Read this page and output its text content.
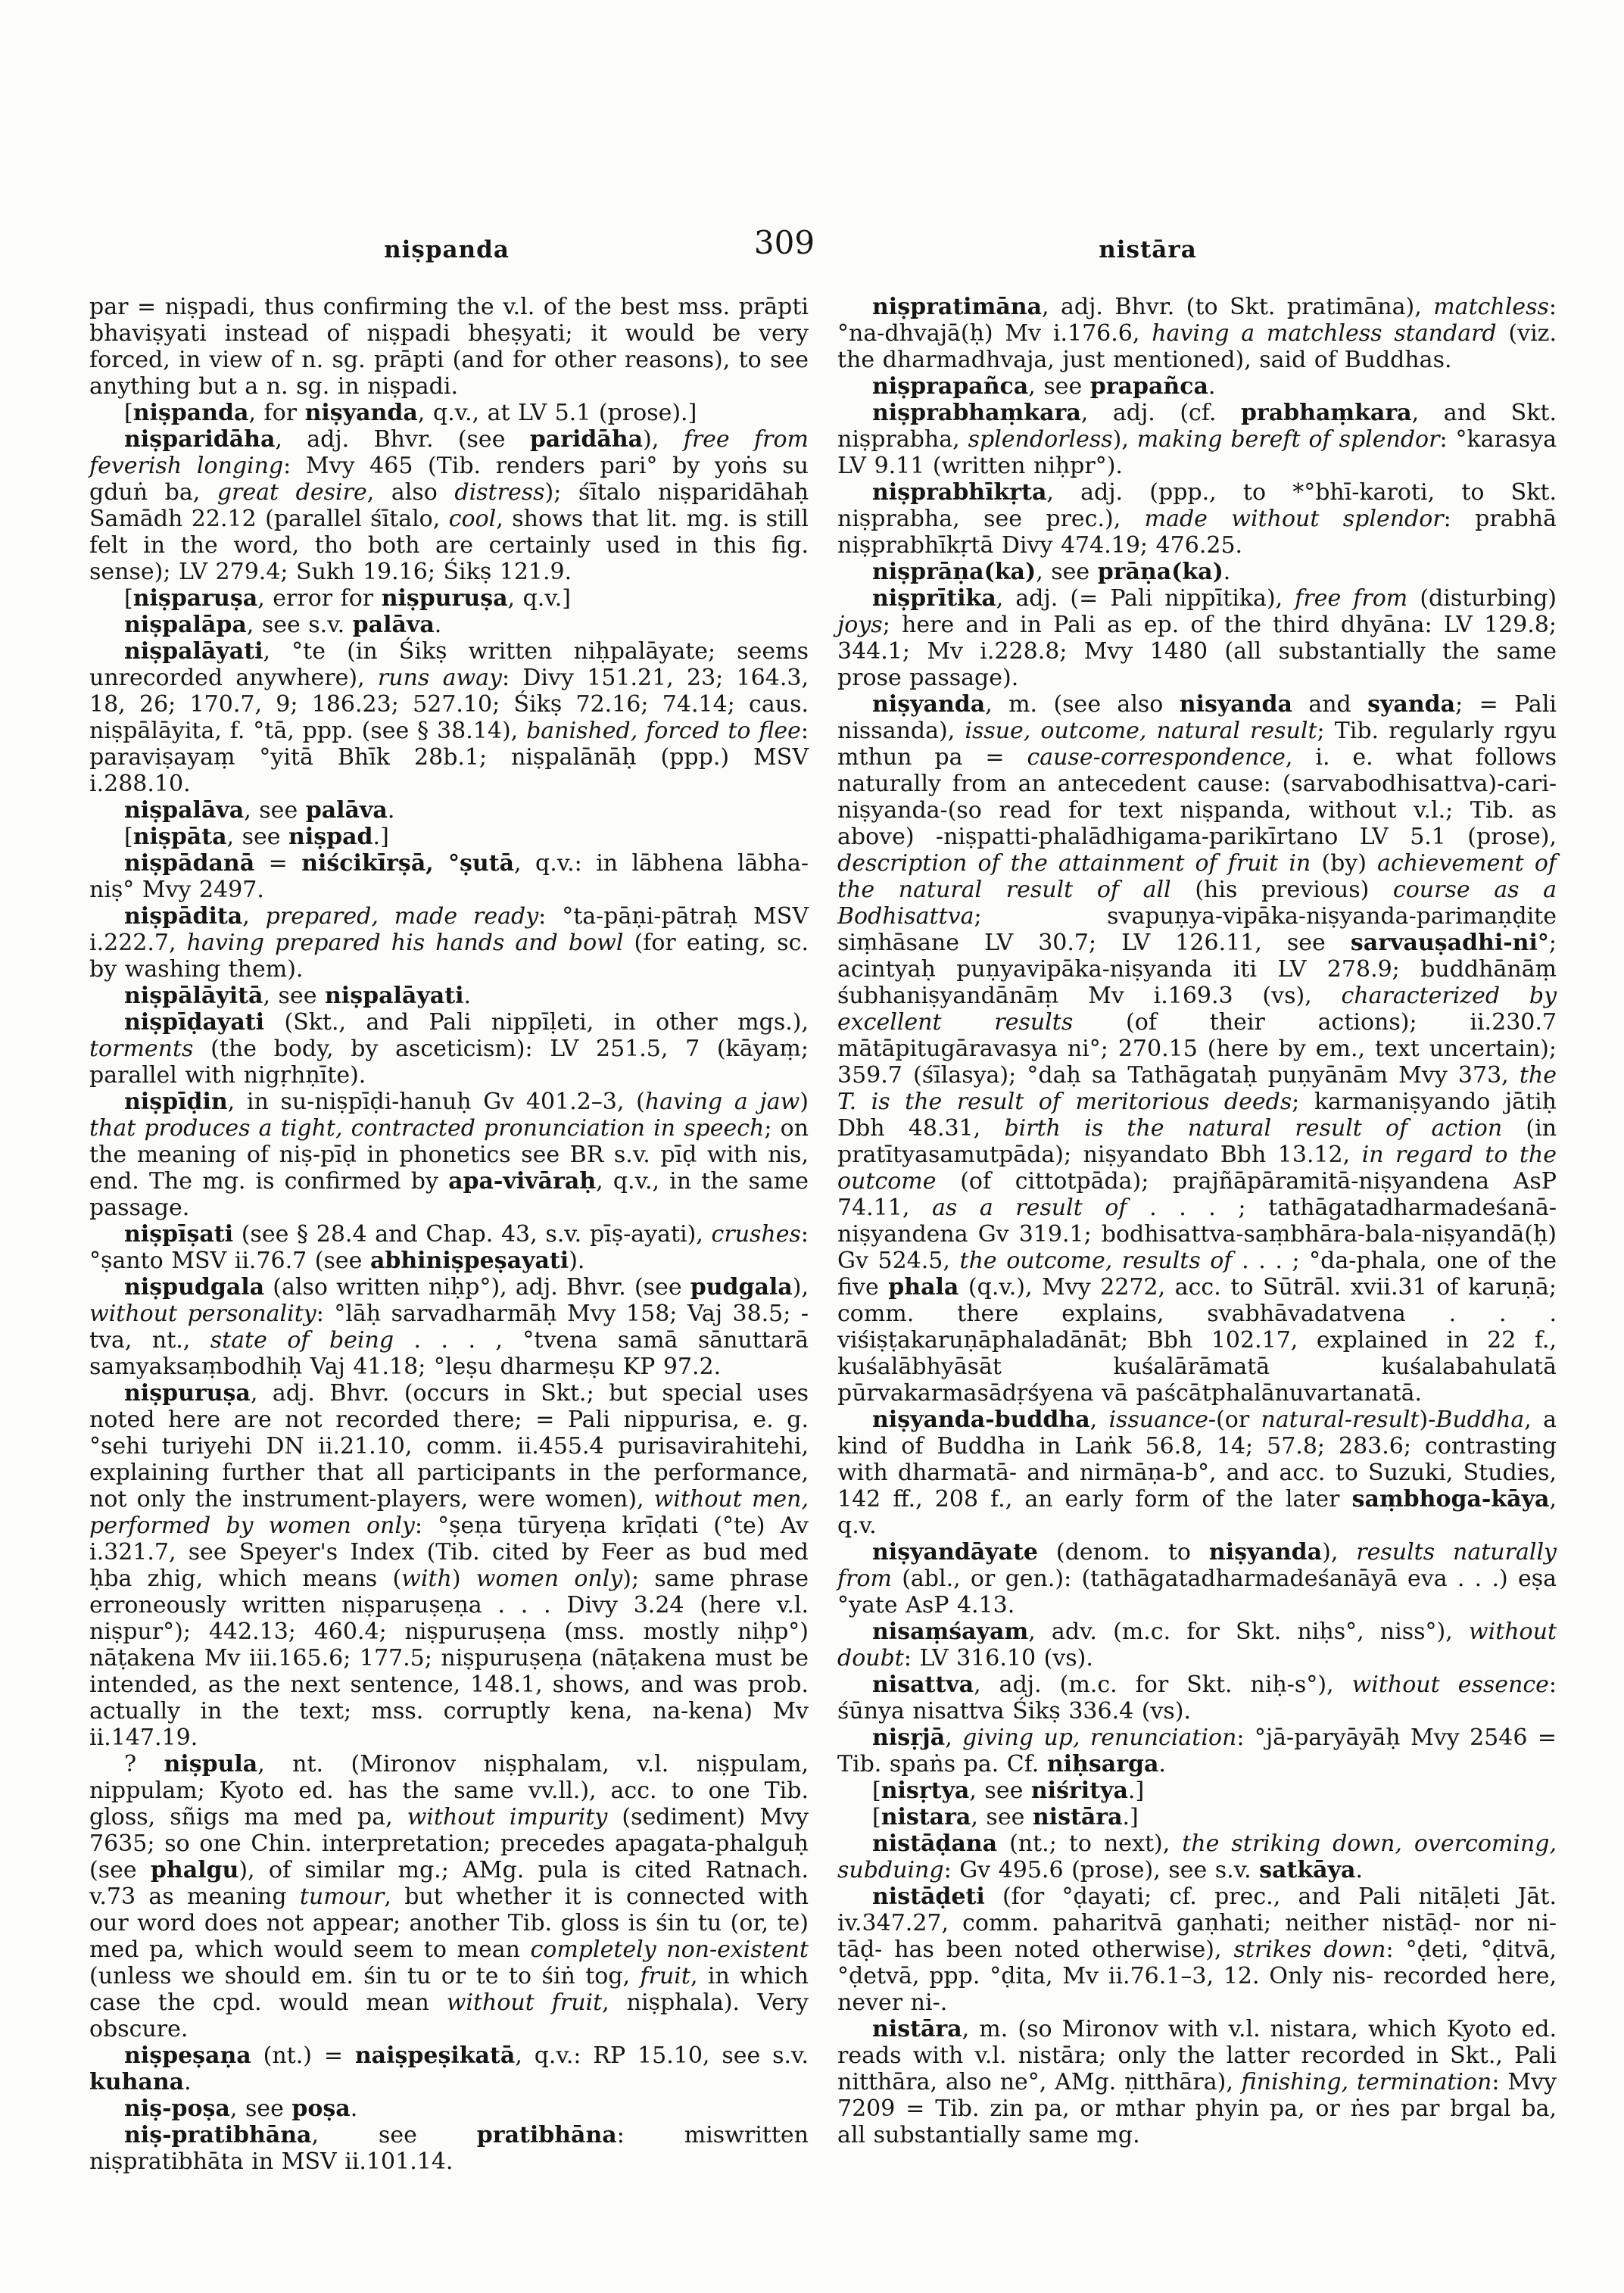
niṣpanda	309	nistāra

par = niṣpadi, thus confirming the v.l. of the best mss. prāpti bhaviṣyati instead of niṣpadi bheṣyati; it would be very forced, in view of n. sg. prāpti (and for other reasons), to see anything but a n. sg. in niṣpadi.

[niṣpanda, for niṣyanda, q.v., at LV 5.1 (prose).]

niṣparidāha, adj. Bhvr. (see paridāha), free from feverish longing: Mvy 465 (Tib. renders pari° by yoṅs su gduṅ ba, great desire, also distress); śītalo niṣparidāhaḥ Samādh 22.12 (parallel śītalo, cool, shows that lit. mg. is still felt in the word, tho both are certainly used in this fig. sense); LV 279.4; Sukh 19.16; Śikṣ 121.9.

[niṣparuṣa, error for niṣpuruṣa, q.v.]

niṣpalāpa, see s.v. palāva.

niṣpalāyati, °te (in Śikṣ written niḥpalāyate; seems unrecorded anywhere), runs away: Divy 151.21, 23; 164.3, 18, 26; 170.7, 9; 186.23; 527.10; Śikṣ 72.16; 74.14; caus. niṣpālāyita, f. °tā, ppp. (see § 38.14), banished, forced to flee: paraviṣayaṃ °yitā Bhīk 28b.1; niṣpalānāḥ (ppp.) MSV i.288.10.

niṣpalāva, see palāva.

[niṣpāta, see niṣpad.]

niṣpādanā = niścikīrṣā, °ṣutā, q.v.: in lābhena lābha-niṣ° Mvy 2497.

niṣpādita, prepared, made ready: °ta-pāṇi-pātraḥ MSV i.222.7, having prepared his hands and bowl (for eating, sc. by washing them).

niṣpālāyitā, see niṣpalāyati.

niṣpīḍayati (Skt., and Pali nippīḷeti, in other mgs.), torments (the body, by asceticism): LV 251.5, 7 (kāyaṃ; parallel with nigṛhṇīte).

niṣpīḍin, in su-niṣpīḍi-hanuḥ Gv 401.2–3, (having a jaw) that produces a tight, contracted pronunciation in speech; on the meaning of niṣ-pīḍ in phonetics see BR s.v. pīḍ with nis, end. The mg. is confirmed by apa-vivāraḥ, q.v., in the same passage.

niṣpīṣati (see § 28.4 and Chap. 43, s.v. pīṣ-ayati), crushes: °ṣanto MSV ii.76.7 (see abhiniṣpeṣayati).

niṣpudgala (also written niḥp°), adj. Bhvr. (see pudgala), without personality: °lāḥ sarvadharmāḥ Mvy 158; Vaj 38.5; -tva, nt., state of being . . . , °tvena samā sānuttarā samyaksaṃbodhiḥ Vaj 41.18; °leṣu dharmeṣu KP 97.2.

niṣpuruṣa, adj. Bhvr. (occurs in Skt.; but special uses noted here are not recorded there; = Pali nippurisa, e. g. °sehi turiyehi DN ii.21.10, comm. ii.455.4 purisavirahitehi, explaining further that all participants in the performance, not only the instrument-players, were women), without men, performed by women only: °ṣeṇa tūryeṇa krīḍati (°te) Av i.321.7, see Speyer's Index (Tib. cited by Feer as bud med ḥba zhig, which means (with) women only); same phrase erroneously written niṣparuṣeṇa . . . Divy 3.24 (here v.l. niṣpur°); 442.13; 460.4; niṣpuruṣeṇa (mss. mostly niḥp°) nāṭakena Mv iii.165.6; 177.5; niṣpuruṣeṇa (nāṭakena must be intended, as the next sentence, 148.1, shows, and was prob. actually in the text; mss. corruptly kena, na-kena) Mv ii.147.19.

? niṣpula, nt. (Mironov niṣphalam, v.l. niṣpulam, nippulam; Kyoto ed. has the same vv.ll.), acc. to one Tib. gloss, sñigs ma med pa, without impurity (sediment) Mvy 7635; so one Chin. interpretation; precedes apagata-phalguḥ (see phalgu), of similar mg.; AMg. pula is cited Ratnach. v.73 as meaning tumour, but whether it is connected with our word does not appear; another Tib. gloss is śin tu (or, te) med pa, which would seem to mean completely non-existent (unless we should em. śin tu or te to śiṅ tog, fruit, in which case the cpd. would mean without fruit, niṣphala). Very obscure.

niṣpeṣaṇa (nt.) = naiṣpeṣikatā, q.v.: RP 15.10, see s.v. kuhana.

niṣ-poṣa, see poṣa.

niṣ-pratibhāna, see pratibhāna: miswritten niṣpratibhāta in MSV ii.101.14.

niṣpratimāna, adj. Bhvr. (to Skt. pratimāna), matchless: °na-dhvajā(ḥ) Mv i.176.6, having a matchless standard (viz. the dharmadhvaja, just mentioned), said of Buddhas.

niṣprapañca, see prapañca.

niṣprabhaṃkara, adj. (cf. prabhaṃkara, and Skt. niṣprabha, splendorless), making bereft of splendor: °karasya LV 9.11 (written niḥpr°).

niṣprabhīkṛta, adj. (ppp., to *°bhī-karoti, to Skt. niṣprabha, see prec.), made without splendor: prabhā niṣprabhīkṛtā Divy 474.19; 476.25.

niṣprāṇa(ka), see prāṇa(ka).

niṣprītika, adj. (= Pali nippītika), free from (disturbing) joys; here and in Pali as ep. of the third dhyāna: LV 129.8; 344.1; Mv i.228.8; Mvy 1480 (all substantially the same prose passage).

niṣyanda, m. (see also nisyanda and syanda; = Pali nissanda), issue, outcome, natural result; Tib. regularly rgyu mthun pa = cause-correspondence, i. e. what follows naturally from an antecedent cause: (sarvabodhisattva)-cari-niṣyanda-(so read for text niṣpanda, without v.l.; Tib. as above) -niṣpatti-phalādhigama-parikīrtano LV 5.1 (prose), description of the attainment of fruit in (by) achievement of the natural result of all (his previous) course as a Bodhisattva; svapuṇya-vipāka-niṣyanda-parimaṇḍite siṃhāsane LV 30.7; LV 126.11, see sarvauṣadhi-ni°; acintyaḥ puṇyavipāka-niṣyanda iti LV 278.9; buddhānāṃ śubhaniṣyandānāṃ Mv i.169.3 (vs), characterized by excellent results (of their actions); ii.230.7 mātāpitugāravasya ni°; 270.15 (here by em., text uncertain); 359.7 (śīlasya); °daḥ sa Tathāgataḥ puṇyānām Mvy 373, the T. is the result of meritorious deeds; karmaniṣyando jātiḥ Dbh 48.31, birth is the natural result of action (in pratītyasamutpāda); niṣyandato Bbh 13.12, in regard to the outcome (of cittotpāda); prajñāpāramitā-niṣyandena AsP 74.11, as a result of . . . ; tathāgatadharmadeśanā-niṣyandena Gv 319.1; bodhisattva-saṃbhāra-bala-niṣyandā(ḥ) Gv 524.5, the outcome, results of . . . ; °da-phala, one of the five phala (q.v.), Mvy 2272, acc. to Sūtrāl. xvii.31 of karuṇā; comm. there explains, svabhāvadatvena . . . viśiṣṭakaruṇāphaladānāt; Bbh 102.17, explained in 22 f., kuśalābhyāsāt kuśalārāmatā kuśalabahulatā pūrvakarmasādṛśyena vā paścātphalānuvartanatā.

niṣyanda-buddha, issuance-(or natural-result)-Buddha, a kind of Buddha in Laṅk 56.8, 14; 57.8; 283.6; contrasting with dharmatā- and nirmāṇa-b°, and acc. to Suzuki, Studies, 142 ff., 208 f., an early form of the later saṃbhoga-kāya, q.v.

niṣyandāyate (denom. to niṣyanda), results naturally from (abl., or gen.): (tathāgatadharmadeśanāyā eva . . .) eṣa °yate AsP 4.13.

nisaṃśayam, adv. (m.c. for Skt. niḥs°, niss°), without doubt: LV 316.10 (vs).

nisattva, adj. (m.c. for Skt. niḥ-s°), without essence: śūnya nisattva Śikṣ 336.4 (vs).

nisṛjā, giving up, renunciation: °jā-paryāyāḥ Mvy 2546 = Tib. spaṅs pa. Cf. niḥsarga.

[nisṛtya, see niśritya.]

[nistara, see nistāra.]

nistāḍana (nt.; to next), the striking down, overcoming, subduing: Gv 495.6 (prose), see s.v. satkāya.

nistāḍeti (for °ḍayati; cf. prec., and Pali nitāḷeti Jāt. iv.347.27, comm. paharitvā gaṇhati; neither nistāḍ- nor ni-tāḍ- has been noted otherwise), strikes down: °ḍeti, °ḍitvā, °ḍetvā, ppp. °ḍita, Mv ii.76.1–3, 12. Only nis- recorded here, never ni-.

nistāra, m. (so Mironov with v.l. nistara, which Kyoto ed. reads with v.l. nistāra; only the latter recorded in Skt., Pali nitthāra, also ne°, AMg. ṇitthāra), finishing, termination: Mvy 7209 = Tib. zin pa, or mthar phyin pa, or ṅes par brgal ba, all substantially same mg.
